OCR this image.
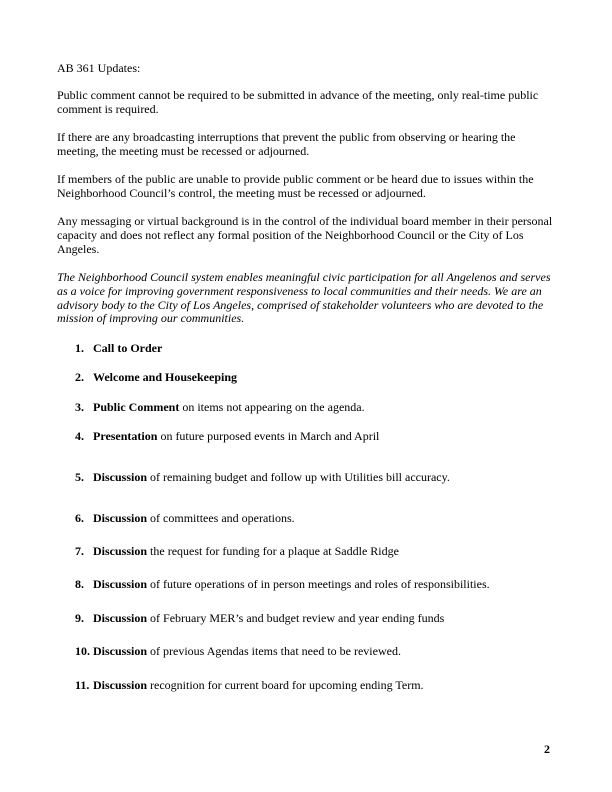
AB 361 Updates:
Public comment cannot be required to be submitted in advance of the meeting, only real-time public
comment is required.
If there are any broadcasting interruptions that prevent the public from observing or hearing the
meeting, the meeting must be recessed or adjourned.
If members of the public are unable to provide public comment or be heard due to issues within the
Neighborhood Council’s control, the meeting must be recessed or adjourned.
Any messaging or virtual background is in the control of the individual board member in their personal
capacity and does not reflect any formal position of the Neighborhood Council or the City of Los
Angeles.
The Neighborhood Council system enables meaningful civic participation for all Angelenos and serves
as a voice for improving government responsiveness to local communities and their needs. We are an
advisory body to the City of Los Angeles, comprised of stakeholder volunteers who are devoted to the
mission of improving our communities.
1. Call to Order
2. Welcome and Housekeeping
3. Public Comment on items not appearing on the agenda.
4. Presentation on future purposed events in March and April
5. Discussion of remaining budget and follow up with Utilities bill accuracy.
6. Discussion of committees and operations.
7. Discussion the request for funding for a plaque at Saddle Ridge
8. Discussion of future operations of in person meetings and roles of responsibilities.
9. Discussion of February MER’s and budget review and year ending funds
10. Discussion of previous Agendas items that need to be reviewed.
11. Discussion recognition for current board for upcoming ending Term.
2
